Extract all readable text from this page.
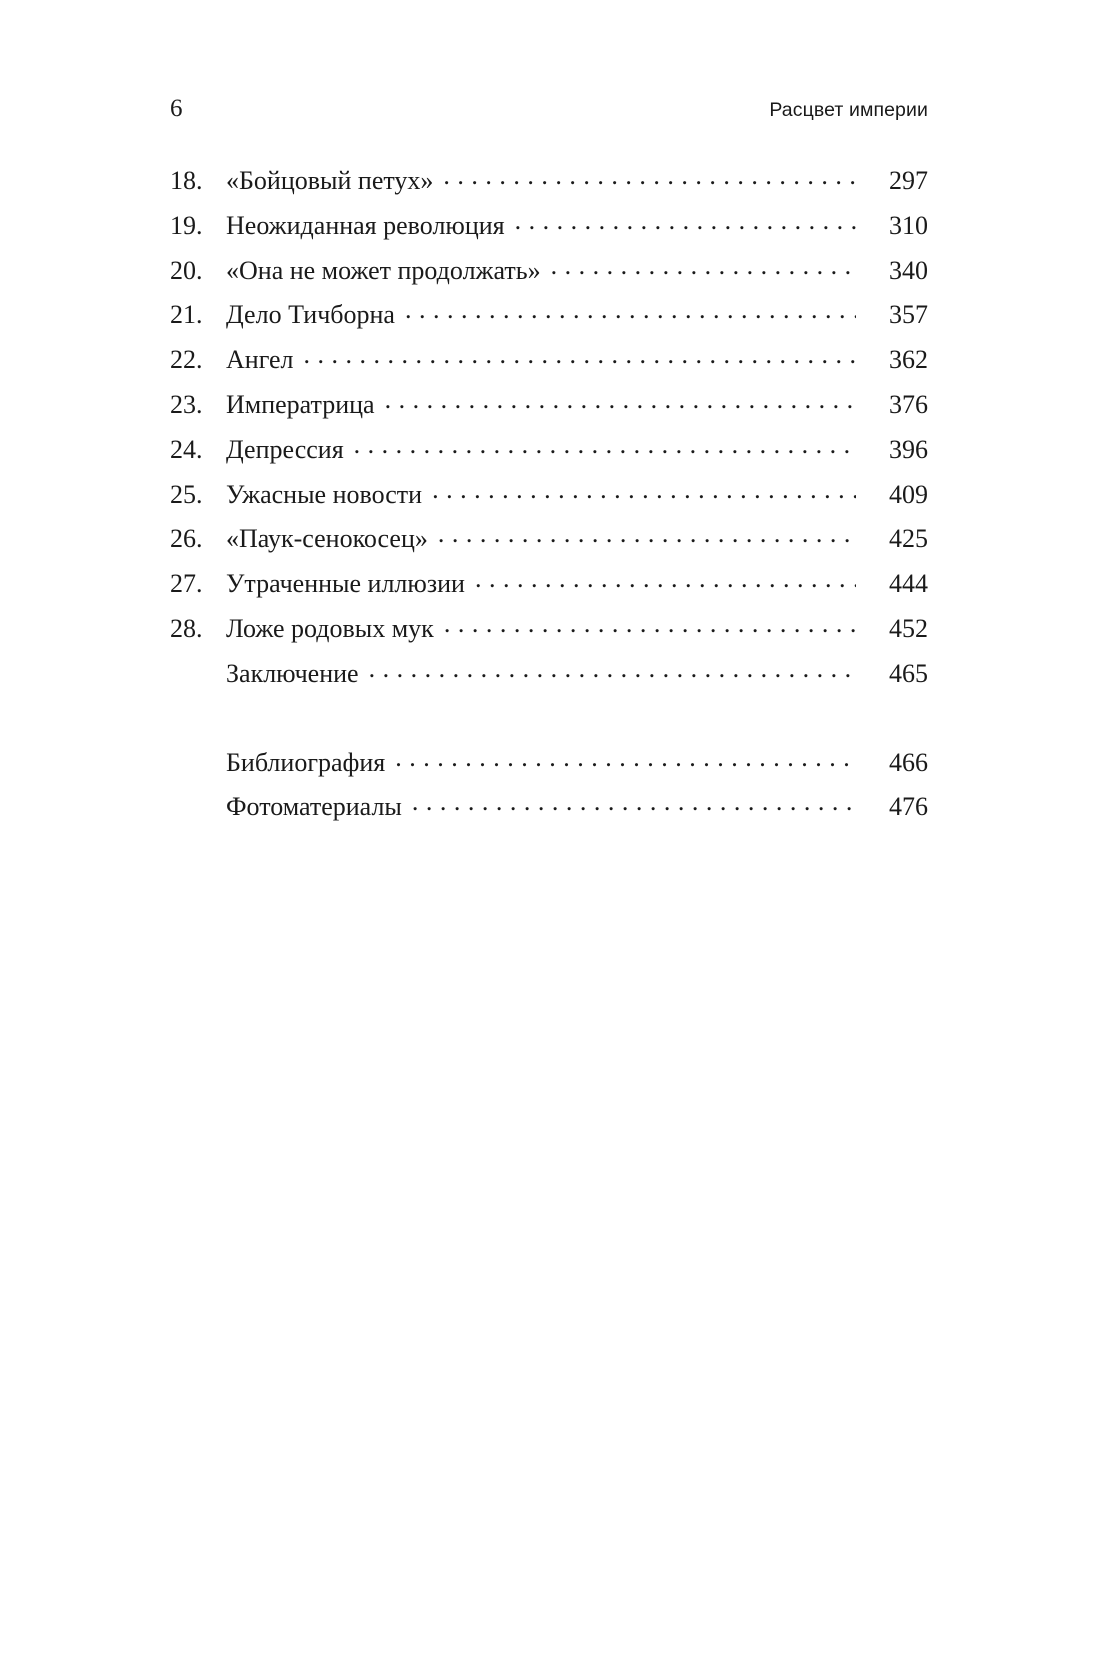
6	Расцвет империи
18. «Бойцовый петух» . . .	297
19. Неожиданная революция . . .	310
20. «Она не может продолжать» . . .	340
21. Дело Тичборна . . .	357
22. Ангел . . .	362
23. Императрица . . .	376
24. Депрессия . . .	396
25. Ужасные новости . . .	409
26. «Паук-сенокосец» . . .	425
27. Утраченные иллюзии . . .	444
28. Ложе родовых мук . . .	452
Заключение . . .	465
Библиография . . .	466
Фотоматериалы . . .	476
